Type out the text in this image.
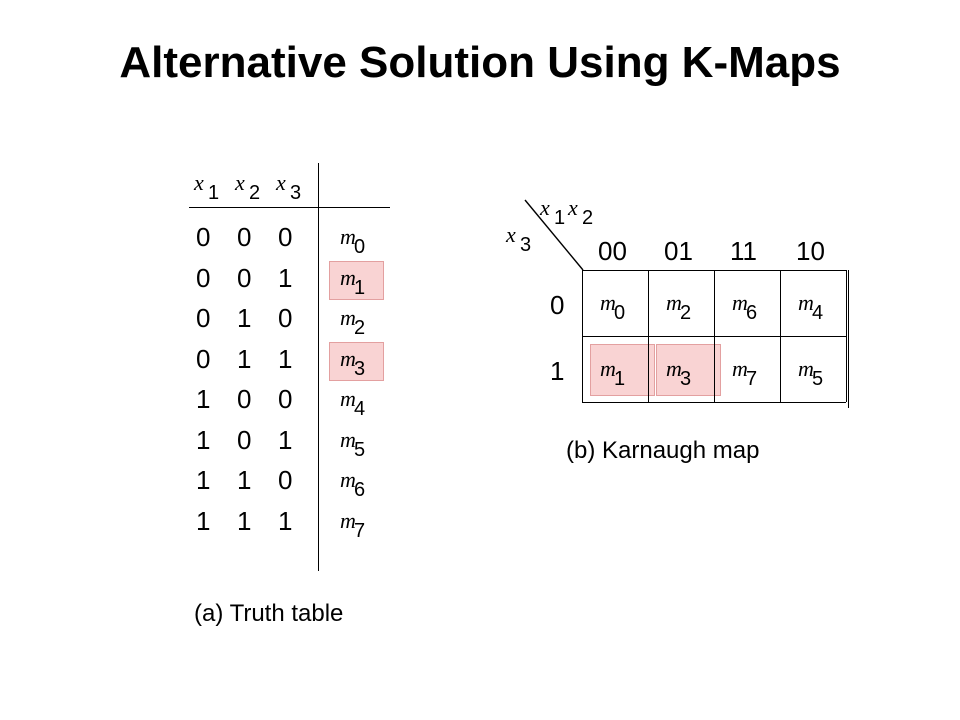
Alternative Solution Using K-Maps
x 1 x 2 x 3
0 0 0 m
0
0 0 1 m
1
0 1 0 m
2
0 1 1 m
3
1 0 0 m
4
1 0 1 m
5
1 1 0 m
6
1 1 1 m
7
(a) Truth table
x 1 x 2
x 3	00 01 11 10
0
1
m
0 m
2 m
6 m
4
m
1 m
3 m
7 m
5
(b) Karnaugh map
